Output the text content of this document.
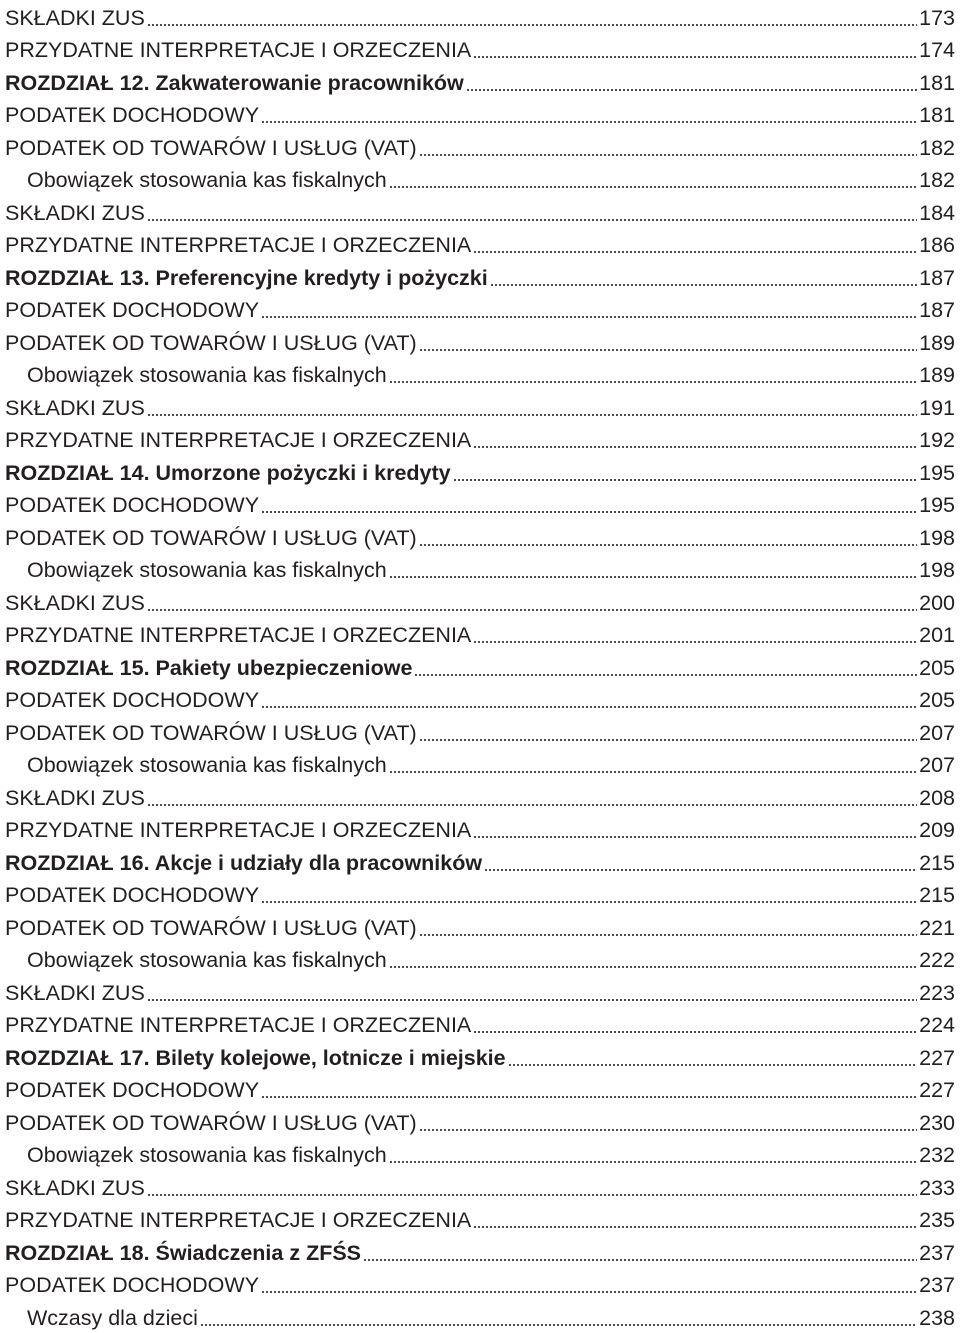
SKŁADKI ZUS	173
PRZYDATNE INTERPRETACJE I ORZECZENIA	174
ROZDZIAŁ 12. Zakwaterowanie pracowników	181
PODATEK DOCHODOWY	181
PODATEK OD TOWARÓW I USŁUG (VAT)	182
Obowiązek stosowania kas fiskalnych	182
SKŁADKI ZUS	184
PRZYDATNE INTERPRETACJE I ORZECZENIA	186
ROZDZIAŁ 13. Preferencyjne kredyty i pożyczki	187
PODATEK DOCHODOWY	187
PODATEK OD TOWARÓW I USŁUG (VAT)	189
Obowiązek stosowania kas fiskalnych	189
SKŁADKI ZUS	191
PRZYDATNE INTERPRETACJE I ORZECZENIA	192
ROZDZIAŁ 14. Umorzone pożyczki i kredyty	195
PODATEK DOCHODOWY	195
PODATEK OD TOWARÓW I USŁUG (VAT)	198
Obowiązek stosowania kas fiskalnych	198
SKŁADKI ZUS	200
PRZYDATNE INTERPRETACJE I ORZECZENIA	201
ROZDZIAŁ 15. Pakiety ubezpieczeniowe	205
PODATEK DOCHODOWY	205
PODATEK OD TOWARÓW I USŁUG (VAT)	207
Obowiązek stosowania kas fiskalnych	207
SKŁADKI ZUS	208
PRZYDATNE INTERPRETACJE I ORZECZENIA	209
ROZDZIAŁ 16. Akcje i udziały dla pracowników	215
PODATEK DOCHODOWY	215
PODATEK OD TOWARÓW I USŁUG (VAT)	221
Obowiązek stosowania kas fiskalnych	222
SKŁADKI ZUS	223
PRZYDATNE INTERPRETACJE I ORZECZENIA	224
ROZDZIAŁ 17. Bilety kolejowe, lotnicze i miejskie	227
PODATEK DOCHODOWY	227
PODATEK OD TOWARÓW I USŁUG (VAT)	230
Obowiązek stosowania kas fiskalnych	232
SKŁADKI ZUS	233
PRZYDATNE INTERPRETACJE I ORZECZENIA	235
ROZDZIAŁ 18. Świadczenia z ZFŚS	237
PODATEK DOCHODOWY	237
Wczasy dla dzieci	238
